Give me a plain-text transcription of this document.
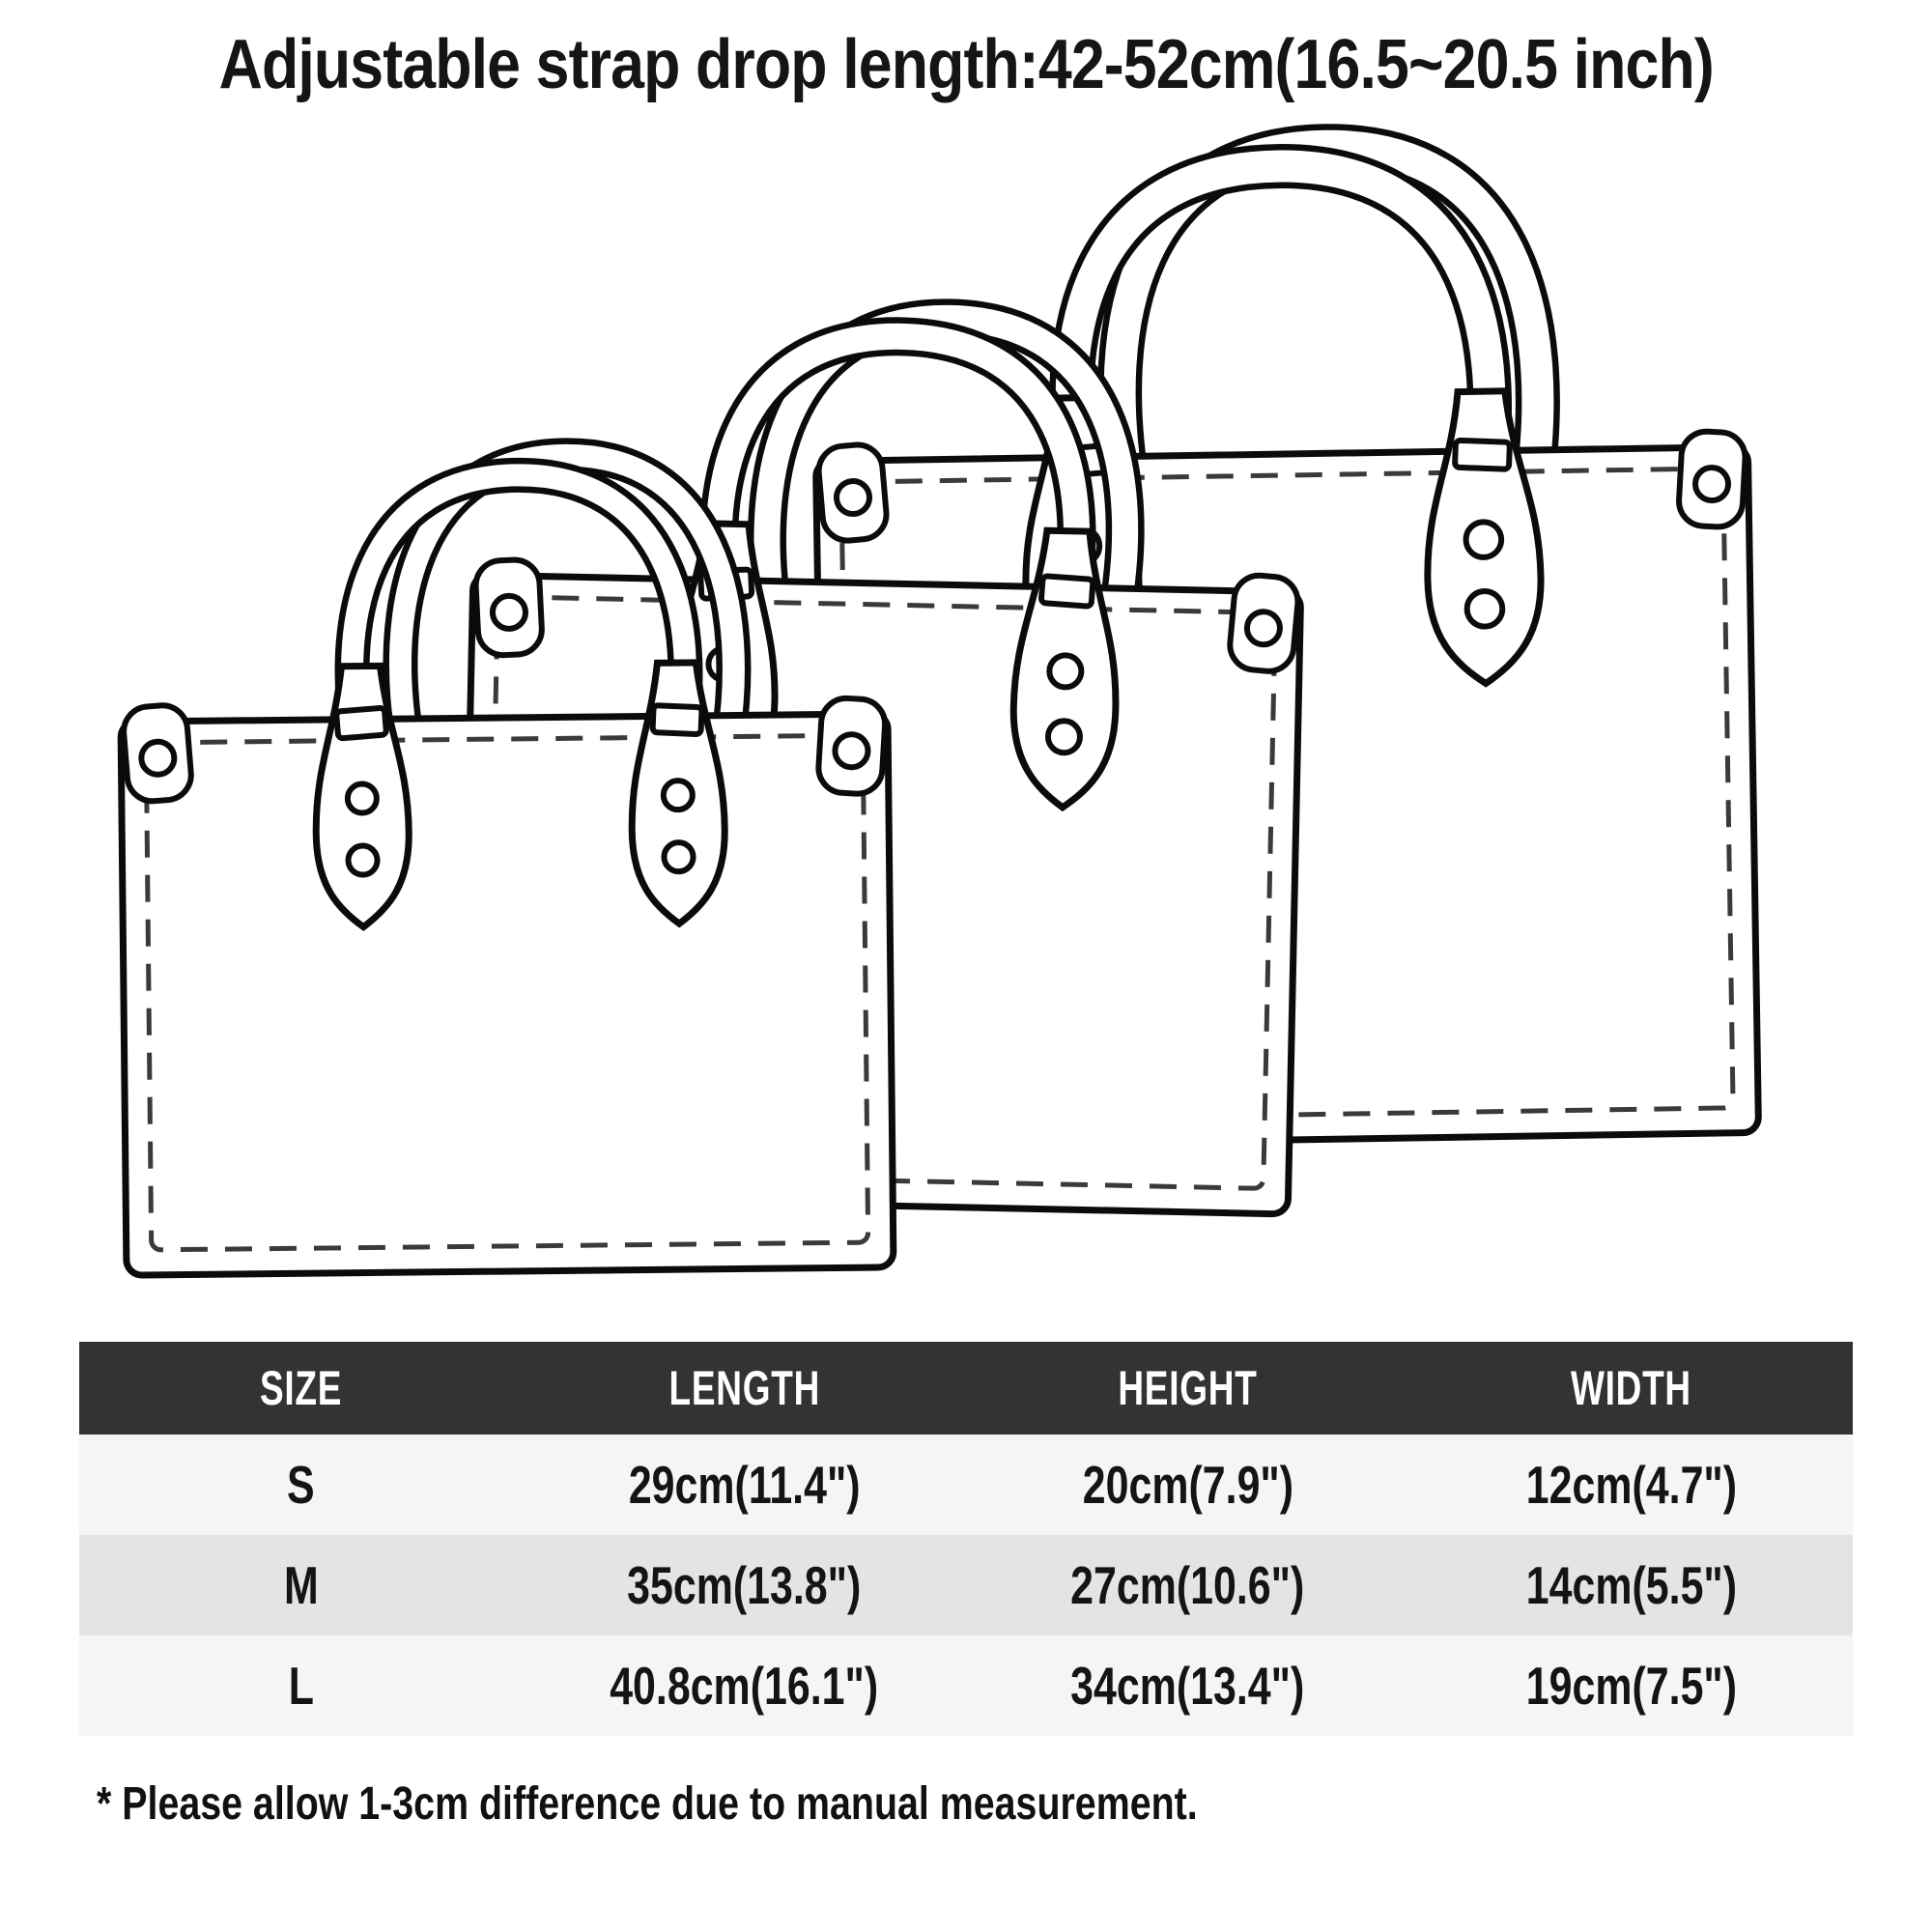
Adjustable strap drop length:42-52cm(16.5~20.5 inch)
SIZE	LENGTH	HEIGHT	WIDTH
S	29cm(11.4")	20cm(7.9")	12cm(4.7")
M	35cm(13.8")	27cm(10.6")	14cm(5.5")
L	40.8cm(16.1")	34cm(13.4")	19cm(7.5")
* Please allow 1-3cm difference due to manual measurement.
